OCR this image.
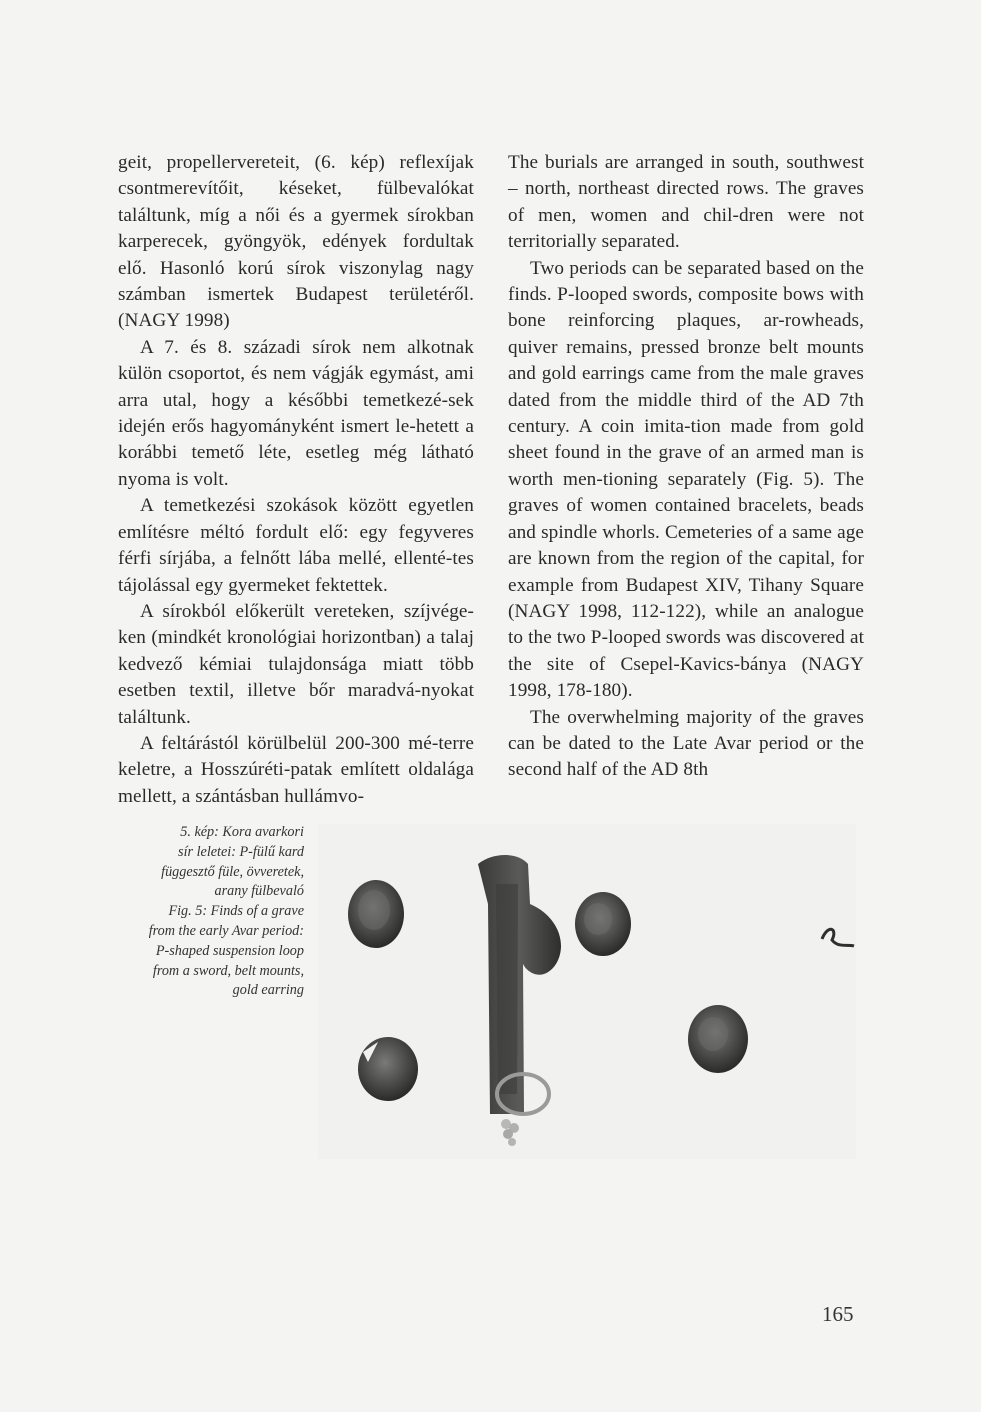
geit, propellervereteit, (6. kép) reflexíjak csontmerevítőit, késeket, fülbevalókat találtunk, míg a női és a gyermek sírokban karperecek, gyöngyök, edények fordultak elő. Hasonló korú sírok viszonylag nagy számban ismertek Budapest területéről. (NAGY 1998)

A 7. és 8. századi sírok nem alkotnak külön csoportot, és nem vágják egymást, ami arra utal, hogy a későbbi temetkezé-sek idején erős hagyományként ismert le-hetett a korábbi temető léte, esetleg még látható nyoma is volt.

A temetkezési szokások között egyetlen említésre méltó fordult elő: egy fegyveres férfi sírjába, a felnőtt lába mellé, ellenté-tes tájolással egy gyermeket fektettek.

A sírokból előkerült vereteken, szíjvége-ken (mindkét kronológiai horizontban) a talaj kedvező kémiai tulajdonsága miatt több esetben textil, illetve bőr maradvá-nyokat találtunk.

A feltárástól körülbelül 200-300 mé-terre keletre, a Hosszúréti-patak említett oldalága mellett, a szántásban hullámvo-

The burials are arranged in south, southwest – north, northeast directed rows. The graves of men, women and chil-dren were not territorially separated.

Two periods can be separated based on the finds. P-looped swords, composite bows with bone reinforcing plaques, ar-rowheads, quiver remains, pressed bronze belt mounts and gold earrings came from the male graves dated from the middle third of the AD 7th century. A coin imita-tion made from gold sheet found in the grave of an armed man is worth men-tioning separately (Fig. 5). The graves of women contained bracelets, beads and spindle whorls. Cemeteries of a same age are known from the region of the capital, for example from Budapest XIV, Tihany Square (NAGY 1998, 112-122), while an analogue to the two P-looped swords was discovered at the site of Csepel-Kavics-bánya (NAGY 1998, 178-180).

The overwhelming majority of the graves can be dated to the Late Avar period or the second half of the AD 8th

5. kép: Kora avarkori
sír leletei: P-fülű kard
függesztő füle, övveretek,
arany fülbevaló
Fig. 5: Finds of a grave
from the early Avar period:
P-shaped suspension loop
from a sword, belt mounts,
gold earring
165
